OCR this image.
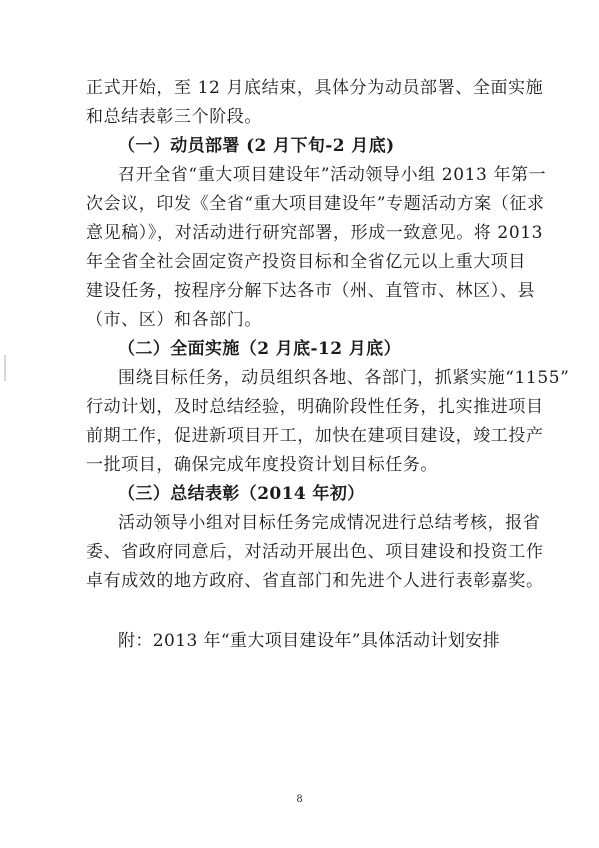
正式开始，至 12 月底结束，具体分为动员部署、全面实施
和总结表彰三个阶段。
（一）动员部署 (2 月下旬-2 月底)
召开全省“重大项目建设年”活动领导小组 2013 年第一
次会议，印发《全省“重大项目建设年”专题活动方案（征求
意见稿）》，对活动进行研究部署，形成一致意见。将 2013
年全省全社会固定资产投资目标和全省亿元以上重大项目
建设任务，按程序分解下达各市（州、直管市、林区）、县
（市、区）和各部门。
（二）全面实施（2 月底-12 月底）
围绕目标任务，动员组织各地、各部门，抓紧实施“1155”
行动计划，及时总结经验，明确阶段性任务，扎实推进项目
前期工作，促进新项目开工，加快在建项目建设，竣工投产
一批项目，确保完成年度投资计划目标任务。
（三）总结表彰（2014 年初）
活动领导小组对目标任务完成情况进行总结考核，报省
委、省政府同意后，对活动开展出色、项目建设和投资工作
卓有成效的地方政府、省直部门和先进个人进行表彰嘉奖。
附：2013 年“重大项目建设年”具体活动计划安排
8
